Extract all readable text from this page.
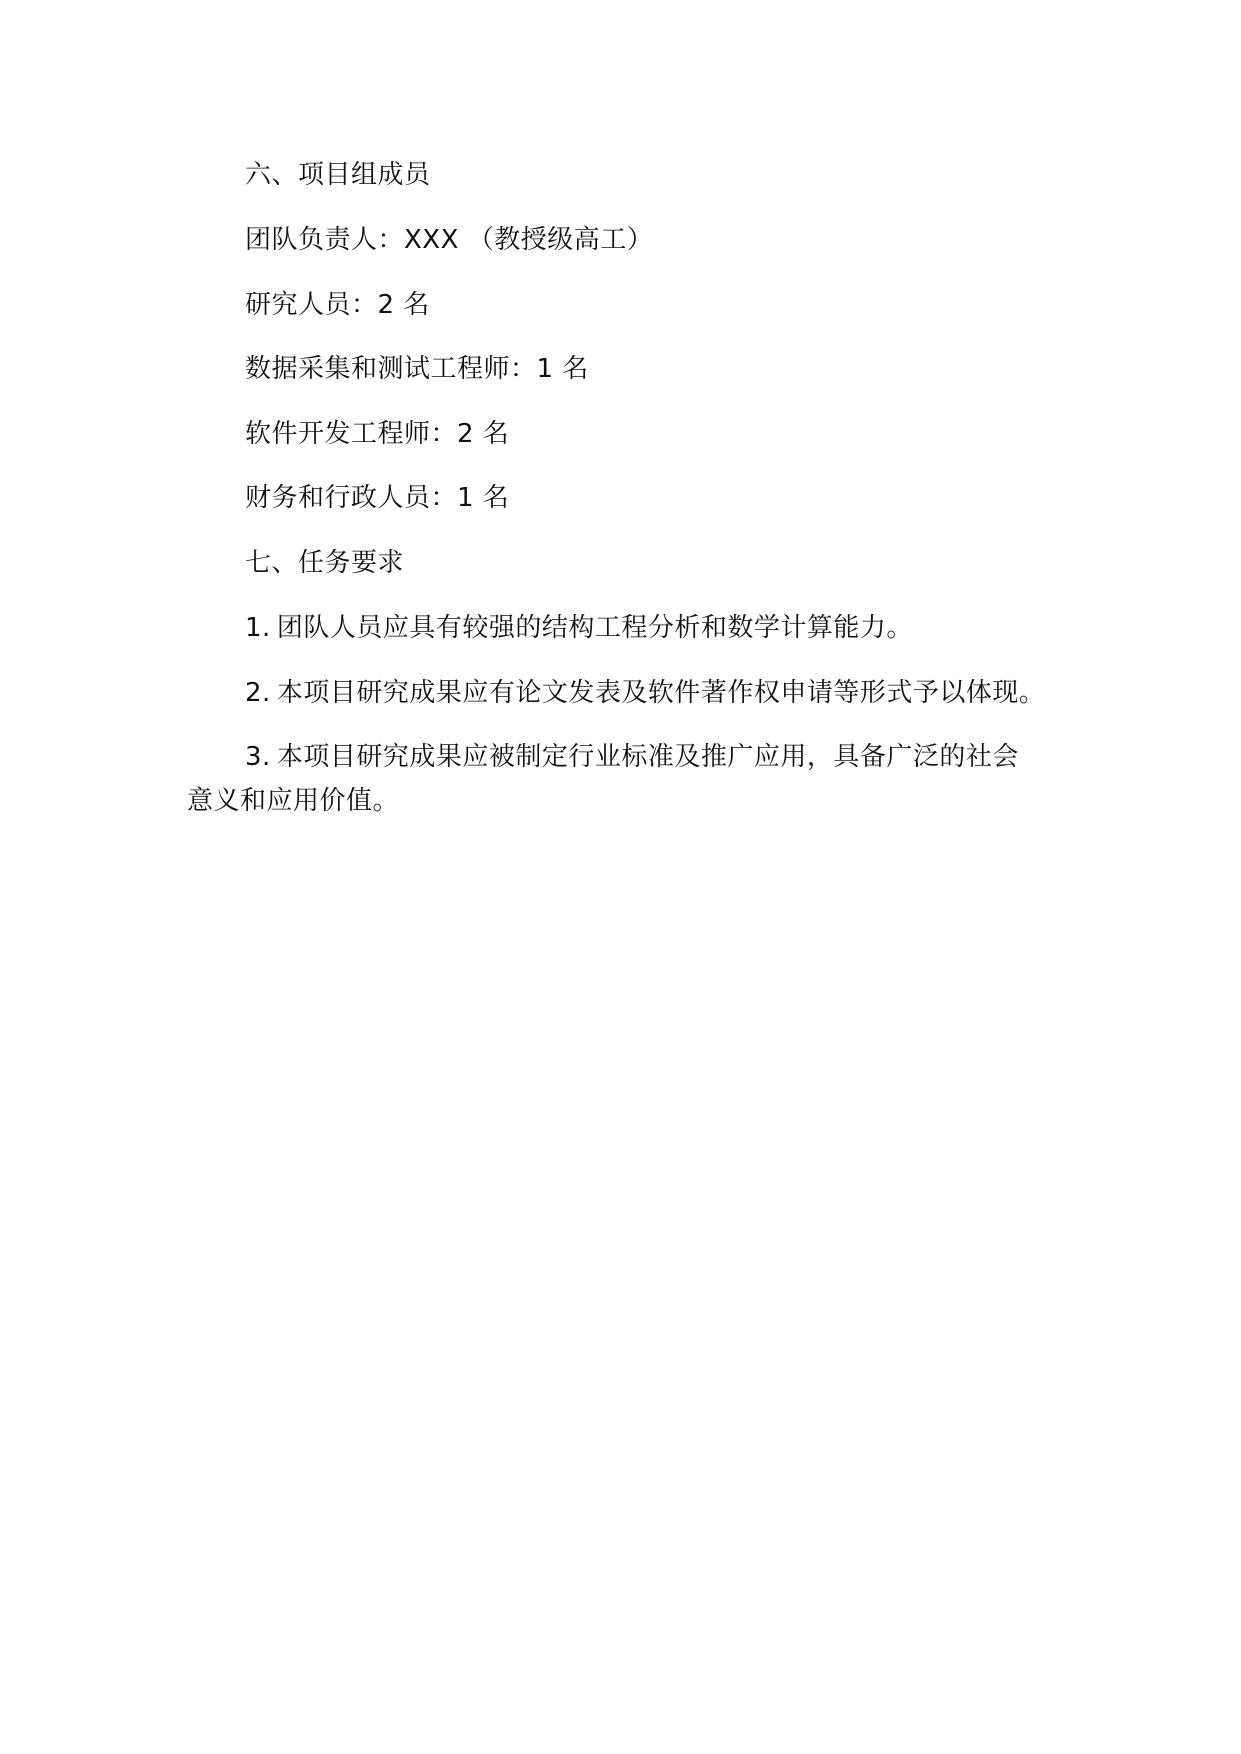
六、项目组成员
团队负责人：XXX （教授级高工）
研究人员：2 名
数据采集和测试工程师：1 名
软件开发工程师：2 名
财务和行政人员：1 名
七、任务要求
1. 团队人员应具有较强的结构工程分析和数学计算能力。
2. 本项目研究成果应有论文发表及软件著作权申请等形式予以体现。
3. 本项目研究成果应被制定行业标准及推广应用，具备广泛的社会
意义和应用价值。
